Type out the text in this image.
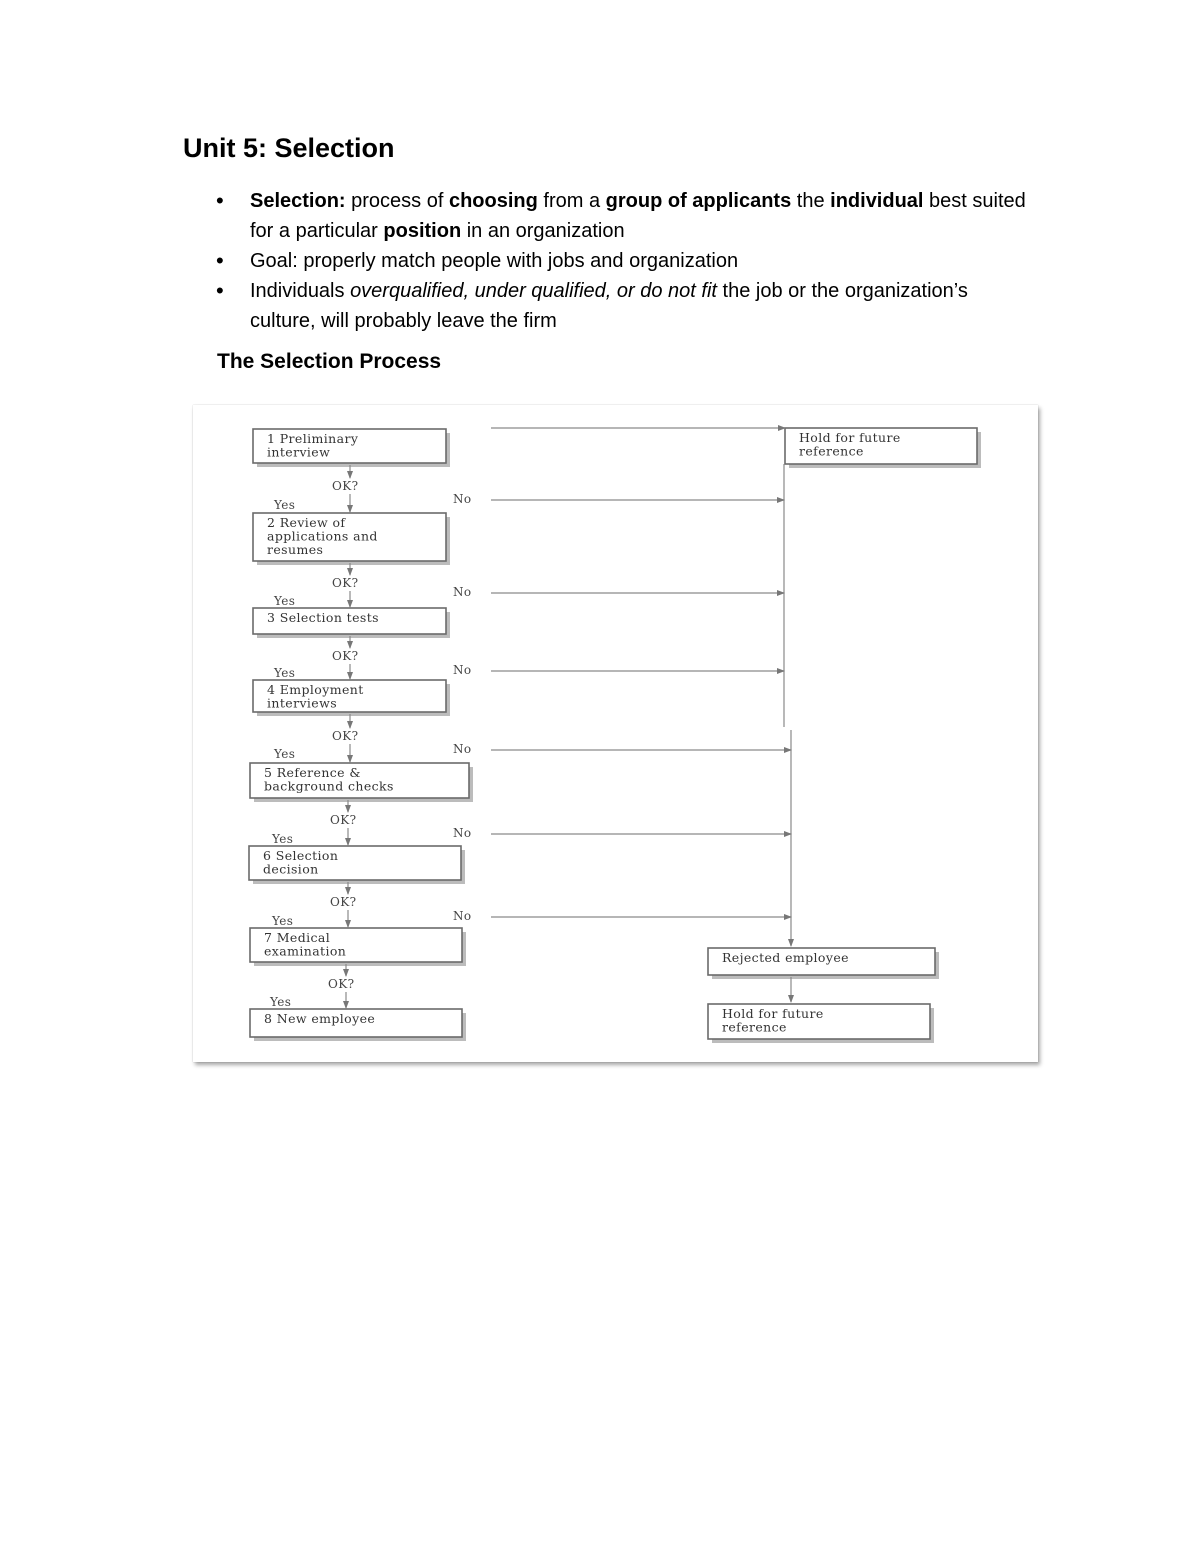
Unit 5: Selection
• Selection: process of choosing from a group of applicants the individual best suited for a particular position in an organization
• Goal: properly match people with jobs and organization
• Individuals overqualified, under qualified, or do not fit the job or the organization’s culture, will probably leave the firm
The Selection Process
Hold for future
reference
1 Preliminary
interview
2 Review of
applications and
resumes
3 Selection tests
4 Employment
interviews
5 Reference &
background checks
6 Selection
decision
7 Medical
examination
8 New employee
OK?
Yes	No
OK?
Yes
No
OK?
Yes	No
OK?
Yes	No
OK?
Yes	No
OK?
Yes	No
OK?
Yes
Rejected employee
Hold for future
reference
